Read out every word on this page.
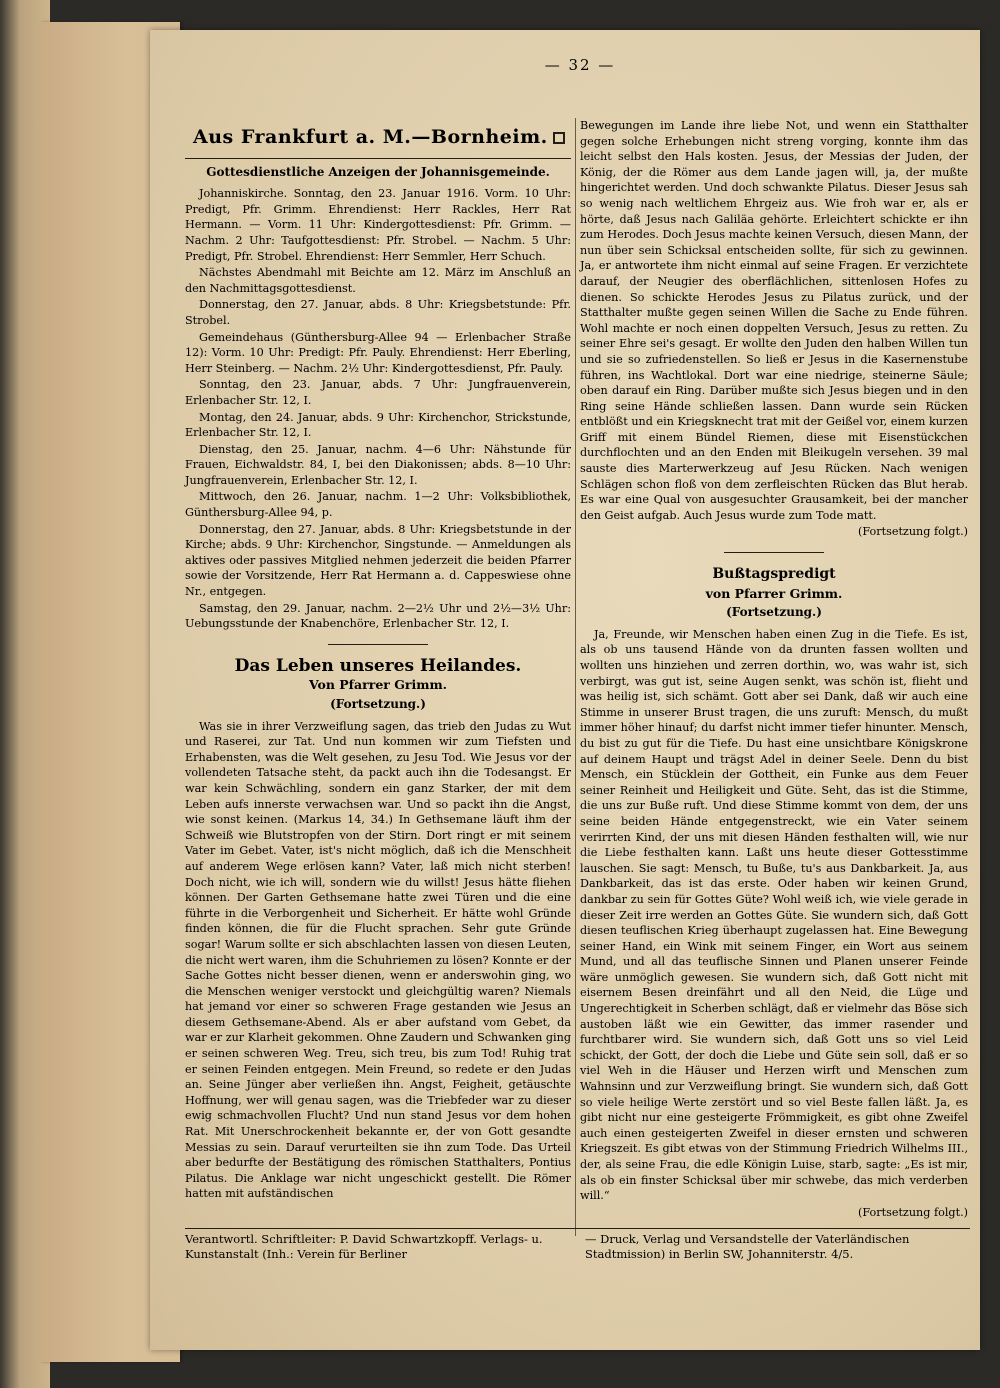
— 32 —
Aus Frankfurt a. M.—Bornheim.
Gottesdienstliche Anzeigen der Johannisgemeinde.

Johanniskirche. Sonntag, den 23. Januar 1916. Vorm. 10 Uhr: Predigt, Pfr. Grimm. Ehrendienst: Herr Rackles, Herr Rat Hermann. — Vorm. 11 Uhr: Kindergottesdienst: Pfr. Grimm. — Nachm. 2 Uhr: Taufgottesdienst: Pfr. Strobel. — Nachm. 5 Uhr: Predigt, Pfr. Strobel. Ehrendienst: Herr Semmler, Herr Schuch.

Nächstes Abendmahl mit Beichte am 12. März im Anschluß an den Nachmittagsgottesdienst.

Donnerstag, den 27. Januar, abds. 8 Uhr: Kriegsbetstunde: Pfr. Strobel.

Gemeindehaus (Günthersburg-Allee 94 — Erlenbacher Straße 12): Vorm. 10 Uhr: Predigt: Pfr. Pauly. Ehrendienst: Herr Eberling, Herr Steinberg. — Nachm. 2½ Uhr: Kindergottesdienst, Pfr. Pauly.

Sonntag, den 23. Januar, abds. 7 Uhr: Jungfrauenverein, Erlenbacher Str. 12, I.

Montag, den 24. Januar, abds. 9 Uhr: Kirchenchor, Strickstunde, Erlenbacher Str. 12, I.

Dienstag, den 25. Januar, nachm. 4—6 Uhr: Nähstunde für Frauen, Eichwaldstr. 84, I, bei den Diakonissen; abds. 8—10 Uhr: Jungfrauenverein, Erlenbacher Str. 12, I.

Mittwoch, den 26. Januar, nachm. 1—2 Uhr: Volksbibliothek, Günthersburg-Allee 94, p.

Donnerstag, den 27. Januar, abds. 8 Uhr: Kriegsbetstunde in der Kirche; abds. 9 Uhr: Kirchenchor, Singstunde. — Anmeldungen als aktives oder passives Mitglied nehmen jederzeit die beiden Pfarrer sowie der Vorsitzende, Herr Rat Hermann a. d. Cappeswiese ohne Nr., entgegen.

Samstag, den 29. Januar, nachm. 2—2½ Uhr und 2½—3½ Uhr: Uebungsstunde der Knabenchöre, Erlenbacher Str. 12, I.

Das Leben unseres Heilandes.
Von Pfarrer Grimm.
(Fortsetzung.)

Was sie in ihrer Verzweiflung sagen, das trieb den Judas zu Wut und Raserei, zur Tat. Und nun kommen wir zum Tiefsten und Erhabensten, was die Welt gesehen, zu Jesu Tod. Wie Jesus vor der vollendeten Tatsache steht, da packt auch ihn die Todesangst. Er war kein Schwächling, sondern ein ganz Starker, der mit dem Leben aufs innerste verwachsen war. Und so packt ihn die Angst, wie sonst keinen. (Markus 14, 34.) In Gethsemane läuft ihm der Schweiß wie Blutstropfen von der Stirn. Dort ringt er mit seinem Vater im Gebet. Vater, ist's nicht möglich, daß ich die Menschheit auf anderem Wege erlösen kann? Vater, laß mich nicht sterben! Doch nicht, wie ich will, sondern wie du willst! Jesus hätte fliehen können. Der Garten Gethsemane hatte zwei Türen und die eine führte in die Verborgenheit und Sicherheit. Er hätte wohl Gründe finden können, die für die Flucht sprachen. Sehr gute Gründe sogar! Warum sollte er sich abschlachten lassen von diesen Leuten, die nicht wert waren, ihm die Schuhriemen zu lösen? Konnte er der Sache Gottes nicht besser dienen, wenn er anderswohin ging, wo die Menschen weniger verstockt und gleichgültig waren? Niemals hat jemand vor einer so schweren Frage gestanden wie Jesus an diesem Gethsemane-Abend. Als er aber aufstand vom Gebet, da war er zur Klarheit gekommen. Ohne Zaudern und Schwanken ging er seinen schweren Weg. Treu, sich treu, bis zum Tod! Ruhig trat er seinen Feinden entgegen. Mein Freund, so redete er den Judas an. Seine Jünger aber verließen ihn. Angst, Feigheit, getäuschte Hoffnung, wer will genau sagen, was die Triebfeder war zu dieser ewig schmachvollen Flucht? Und nun stand Jesus vor dem hohen Rat. Mit Unerschrockenheit bekannte er, der von Gott gesandte Messias zu sein. Darauf verurteilten sie ihn zum Tode. Das Urteil aber bedurfte der Bestätigung des römischen Statthalters, Pontius Pilatus. Die Anklage war nicht ungeschickt gestellt. Die Römer hatten mit aufständischen

Bewegungen im Lande ihre liebe Not, und wenn ein Statthalter gegen solche Erhebungen nicht streng vorging, konnte ihm das leicht selbst den Hals kosten. Jesus, der Messias der Juden, der König, der die Römer aus dem Lande jagen will, ja, der mußte hingerichtet werden. Und doch schwankte Pilatus. Dieser Jesus sah so wenig nach weltlichem Ehrgeiz aus. Wie froh war er, als er hörte, daß Jesus nach Galiläa gehörte. Erleichtert schickte er ihn zum Herodes. Doch Jesus machte keinen Versuch, diesen Mann, der nun über sein Schicksal entscheiden sollte, für sich zu gewinnen. Ja, er antwortete ihm nicht einmal auf seine Fragen. Er verzichtete darauf, der Neugier des oberflächlichen, sittenlosen Hofes zu dienen. So schickte Herodes Jesus zu Pilatus zurück, und der Statthalter mußte gegen seinen Willen die Sache zu Ende führen. Wohl machte er noch einen doppelten Versuch, Jesus zu retten. Zu seiner Ehre sei's gesagt. Er wollte den Juden den halben Willen tun und sie so zufriedenstellen. So ließ er Jesus in die Kasernenstube führen, ins Wachtlokal. Dort war eine niedrige, steinerne Säule; oben darauf ein Ring. Darüber mußte sich Jesus biegen und in den Ring seine Hände schließen lassen. Dann wurde sein Rücken entblößt und ein Kriegsknecht trat mit der Geißel vor, einem kurzen Griff mit einem Bündel Riemen, diese mit Eisenstückchen durchflochten und an den Enden mit Bleikugeln versehen. 39 mal sauste dies Marterwerkzeug auf Jesu Rücken. Nach wenigen Schlägen schon floß von dem zerfleischten Rücken das Blut herab. Es war eine Qual von ausgesuchter Grausamkeit, bei der mancher den Geist aufgab. Auch Jesus wurde zum Tode matt.

(Fortsetzung folgt.)

Bußtagspredigt
von Pfarrer Grimm.
(Fortsetzung.)

Ja, Freunde, wir Menschen haben einen Zug in die Tiefe. Es ist, als ob uns tausend Hände von da drunten fassen wollten und wollten uns hinziehen und zerren dorthin, wo, was wahr ist, sich verbirgt, was gut ist, seine Augen senkt, was schön ist, flieht und was heilig ist, sich schämt. Gott aber sei Dank, daß wir auch eine Stimme in unserer Brust tragen, die uns zuruft: Mensch, du mußt immer höher hinauf; du darfst nicht immer tiefer hinunter. Mensch, du bist zu gut für die Tiefe. Du hast eine unsichtbare Königskrone auf deinem Haupt und trägst Adel in deiner Seele. Denn du bist Mensch, ein Stücklein der Gottheit, ein Funke aus dem Feuer seiner Reinheit und Heiligkeit und Güte. Seht, das ist die Stimme, die uns zur Buße ruft. Und diese Stimme kommt von dem, der uns seine beiden Hände entgegenstreckt, wie ein Vater seinem verirrten Kind, der uns mit diesen Händen festhalten will, wie nur die Liebe festhalten kann. Laßt uns heute dieser Gottesstimme lauschen. Sie sagt: Mensch, tu Buße, tu's aus Dankbarkeit. Ja, aus Dankbarkeit, das ist das erste. Oder haben wir keinen Grund, dankbar zu sein für Gottes Güte? Wohl weiß ich, wie viele gerade in dieser Zeit irre werden an Gottes Güte. Sie wundern sich, daß Gott diesen teuflischen Krieg überhaupt zugelassen hat. Eine Bewegung seiner Hand, ein Wink mit seinem Finger, ein Wort aus seinem Mund, und all das teuflische Sinnen und Planen unserer Feinde wäre unmöglich gewesen. Sie wundern sich, daß Gott nicht mit eisernem Besen dreinfährt und all den Neid, die Lüge und Ungerechtigkeit in Scherben schlägt, daß er vielmehr das Böse sich austoben läßt wie ein Gewitter, das immer rasender und furchtbarer wird. Sie wundern sich, daß Gott uns so viel Leid schickt, der Gott, der doch die Liebe und Güte sein soll, daß er so viel Weh in die Häuser und Herzen wirft und Menschen zum Wahnsinn und zur Verzweiflung bringt. Sie wundern sich, daß Gott so viele heilige Werte zerstört und so viel Beste fallen läßt. Ja, es gibt nicht nur eine gesteigerte Frömmigkeit, es gibt ohne Zweifel auch einen gesteigerten Zweifel in dieser ernsten und schweren Kriegszeit. Es gibt etwas von der Stimmung Friedrich Wilhelms III., der, als seine Frau, die edle Königin Luise, starb, sagte: „Es ist mir, als ob ein finster Schicksal über mir schwebe, das mich verderben will.“

(Fortsetzung folgt.)

Verantwortl. Schriftleiter: P. David Schwartzkopff. Verlags- u. Kunstanstalt (Inh.: Verein für Berliner
— Druck, Verlag und Versandstelle der Vaterländischen Stadtmission) in Berlin SW, Johanniterstr. 4/5.
